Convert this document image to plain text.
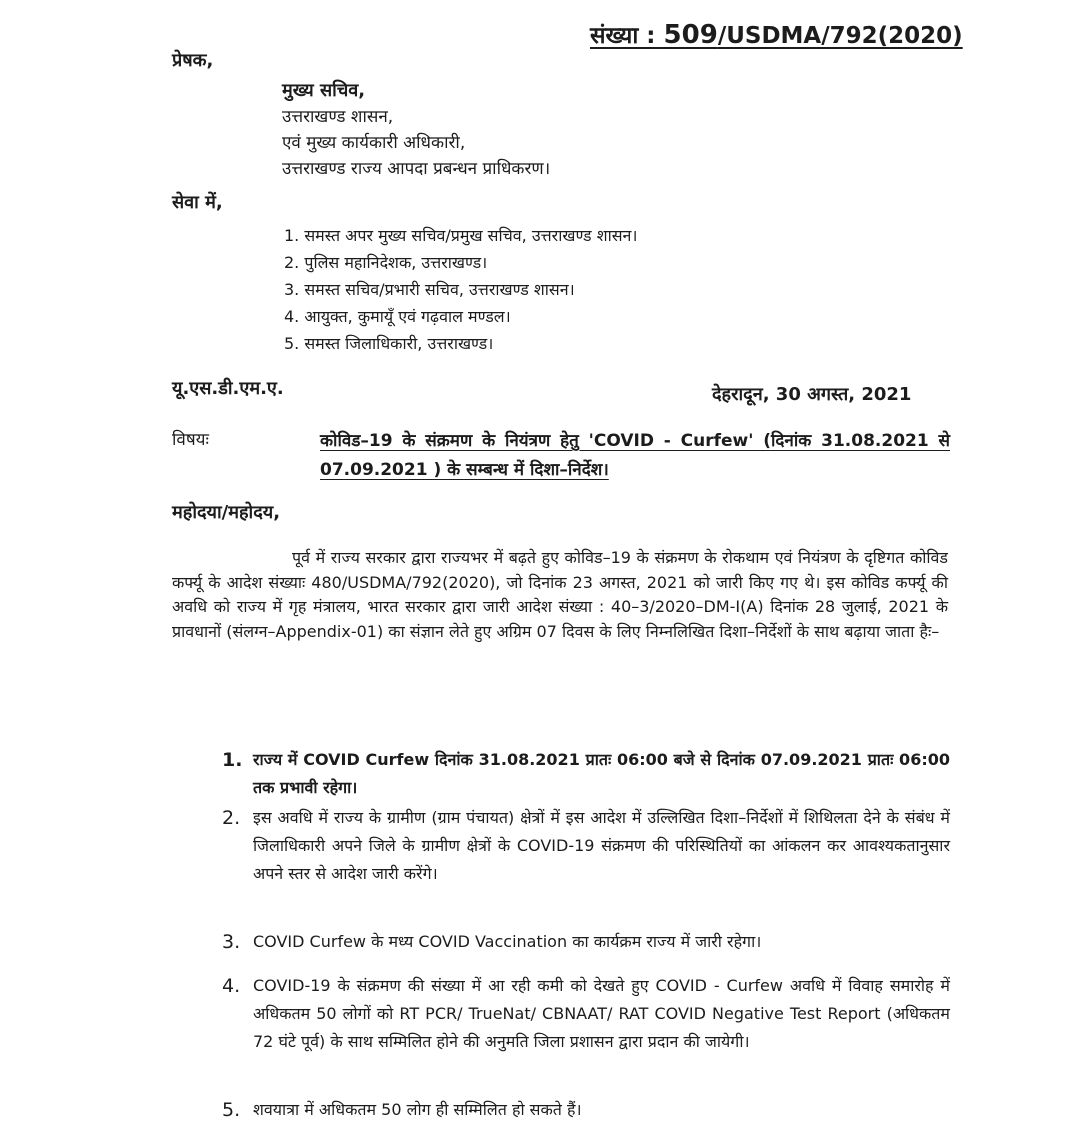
संख्या : 509/USDMA/792(2020)
प्रेषक,
मुख्य सचिव,
उत्तराखण्ड शासन,
एवं मुख्य कार्यकारी अधिकारी,
उत्तराखण्ड राज्य आपदा प्रबन्धन प्राधिकरण।
सेवा में,
1. समस्त अपर मुख्य सचिव/प्रमुख सचिव, उत्तराखण्ड शासन।
2. पुलिस महानिदेशक, उत्तराखण्ड।
3. समस्त सचिव/प्रभारी सचिव, उत्तराखण्ड शासन।
4. आयुक्त, कुमायूँ एवं गढ़वाल मण्डल।
5. समस्त जिलाधिकारी, उत्तराखण्ड।
यू.एस.डी.एम.ए.	देहरादून, 30 अगस्त, 2021
विषयः	कोविड–19 के संक्रमण के नियंत्रण हेतु 'COVID - Curfew' (दिनांक 31.08.2021 से 07.09.2021 ) के सम्बन्ध में दिशा–निर्देश।
महोदया/महोदय,
पूर्व में राज्य सरकार द्वारा राज्यभर में बढ़ते हुए कोविड–19 के संक्रमण के रोकथाम एवं नियंत्रण के दृष्टिगत कोविड कर्फ्यू के आदेश संख्याः 480/USDMA/792(2020), जो दिनांक 23 अगस्त, 2021 को जारी किए गए थे। इस कोविड कर्फ्यू की अवधि को राज्य में गृह मंत्रालय, भारत सरकार द्वारा जारी आदेश संख्या : 40–3/2020–DM-I(A) दिनांक 28 जुलाई, 2021 के प्रावधानों (संलग्न–Appendix-01) का संज्ञान लेते हुए अग्रिम 07 दिवस के लिए निम्नलिखित दिशा–निर्देशों के साथ बढ़ाया जाता हैः–
1. राज्य में COVID Curfew दिनांक 31.08.2021 प्रातः 06:00 बजे से दिनांक 07.09.2021 प्रातः 06:00 तक प्रभावी रहेगा।
2. इस अवधि में राज्य के ग्रामीण (ग्राम पंचायत) क्षेत्रों में इस आदेश में उल्लिखित दिशा–निर्देशों में शिथिलता देने के संबंध में जिलाधिकारी अपने जिले के ग्रामीण क्षेत्रों के COVID-19 संक्रमण की परिस्थितियों का आंकलन कर आवश्यकतानुसार अपने स्तर से आदेश जारी करेंगे।
3. COVID Curfew के मध्य COVID Vaccination का कार्यक्रम राज्य में जारी रहेगा।
4. COVID-19 के संक्रमण की संख्या में आ रही कमी को देखते हुए COVID - Curfew अवधि में विवाह समारोह में अधिकतम 50 लोगों को RT PCR/ TrueNat/ CBNAAT/ RAT COVID Negative Test Report (अधिकतम 72 घंटे पूर्व) के साथ सम्मिलित होने की अनुमति जिला प्रशासन द्वारा प्रदान की जायेगी।
5. शवयात्रा में अधिकतम 50 लोग ही सम्मिलित हो सकते हैं।
